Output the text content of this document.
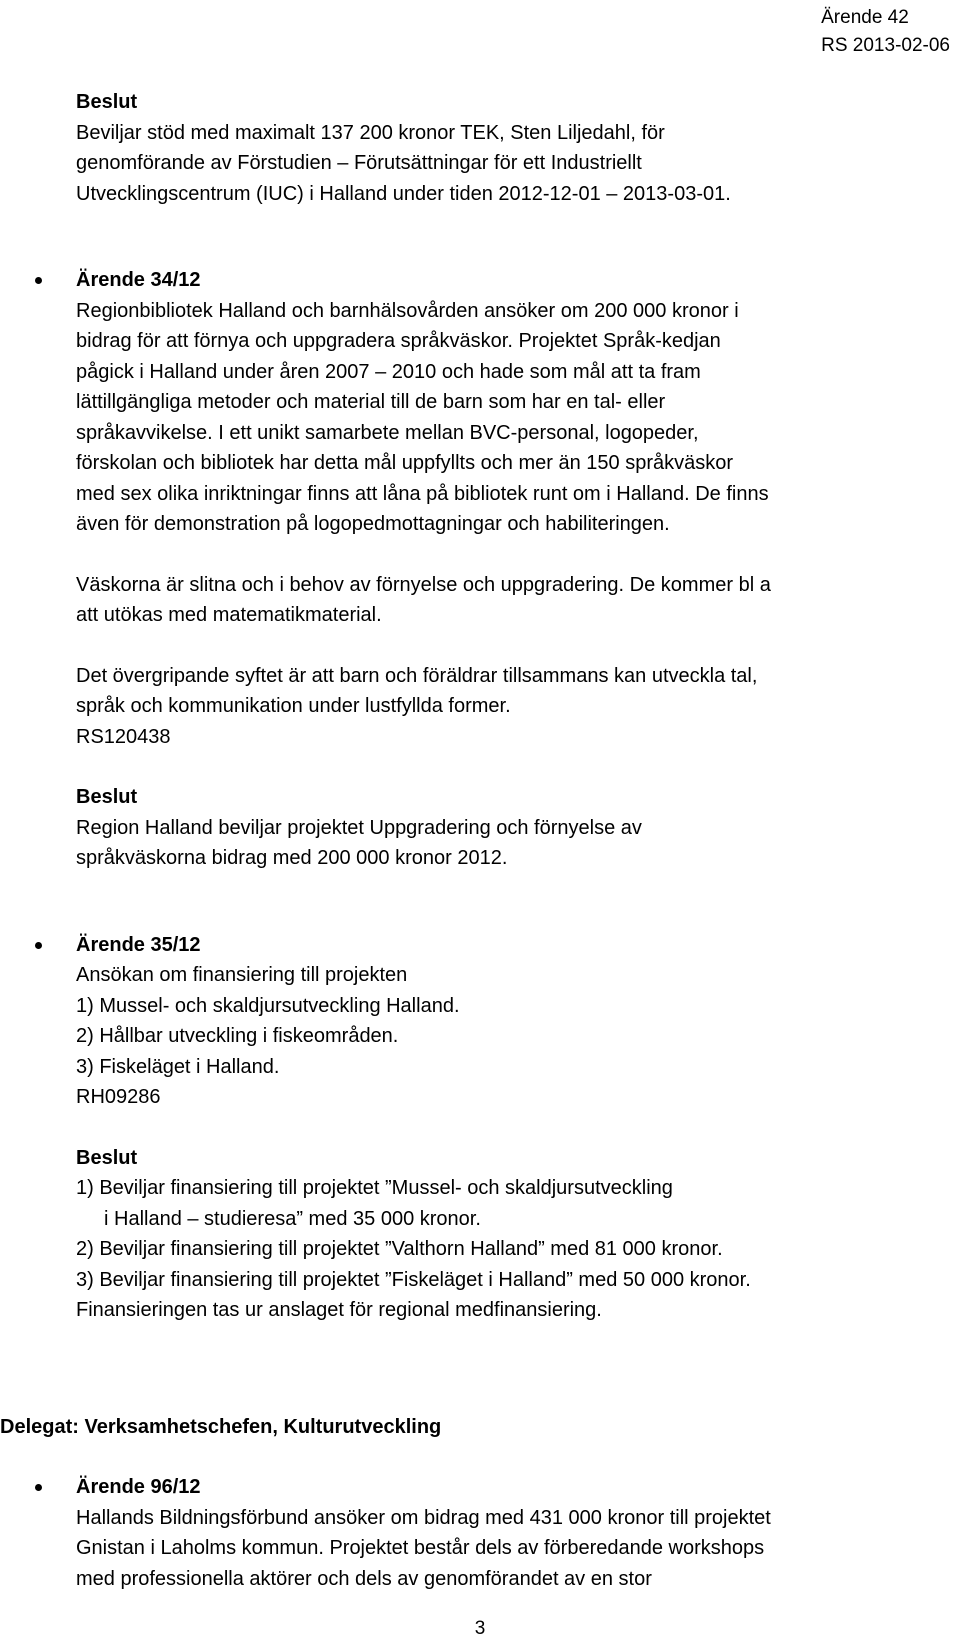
Ärende 42
RS 2013-02-06
Beslut
Beviljar stöd med maximalt 137 200 kronor TEK, Sten Liljedahl, för
genomförande av Förstudien – Förutsättningar för ett Industriellt
Utvecklingscentrum (IUC) i Halland under tiden 2012-12-01 – 2013-03-01.
Ärende 34/12
Regionbibliotek Halland och barnhälsovården ansöker om 200 000 kronor i
bidrag för att förnya och uppgradera språkväskor. Projektet Språk-kedjan
pågick i Halland under åren 2007 – 2010 och hade som mål att ta fram
lättillgängliga metoder och material till de barn som har en tal- eller
språkavvikelse. I ett unikt samarbete mellan BVC-personal, logopeder,
förskolan och bibliotek har detta mål uppfyllts och mer än 150 språkväskor
med sex olika inriktningar finns att låna på bibliotek runt om i Halland. De finns
även för demonstration på logopedmottagningar och habiliteringen.
Väskorna är slitna och i behov av förnyelse och uppgradering. De kommer bl a
att utökas med matematikmaterial.
Det övergripande syftet är att barn och föräldrar tillsammans kan utveckla tal,
språk och kommunikation under lustfyllda former.
RS120438
Beslut
Region Halland beviljar projektet Uppgradering och förnyelse av
språkväskorna bidrag med 200 000 kronor 2012.
Ärende 35/12
Ansökan om finansiering till projekten
1) Mussel- och skaldjursutveckling Halland.
2) Hållbar utveckling i fiskeområden.
3) Fiskeläget i Halland.
RH09286
Beslut
1) Beviljar finansiering till projektet ”Mussel- och skaldjursutveckling
i Halland – studieresa” med 35 000 kronor.
2) Beviljar finansiering till projektet ”Valthorn Halland” med 81 000 kronor.
3) Beviljar finansiering till projektet ”Fiskeläget i Halland” med 50 000 kronor.
Finansieringen tas ur anslaget för regional medfinansiering.
Delegat: Verksamhetschefen, Kulturutveckling
Ärende 96/12
Hallands Bildningsförbund ansöker om bidrag med 431 000 kronor till projektet
Gnistan i Laholms kommun. Projektet består dels av förberedande workshops
med professionella aktörer och dels av genomförandet av en stor
3
